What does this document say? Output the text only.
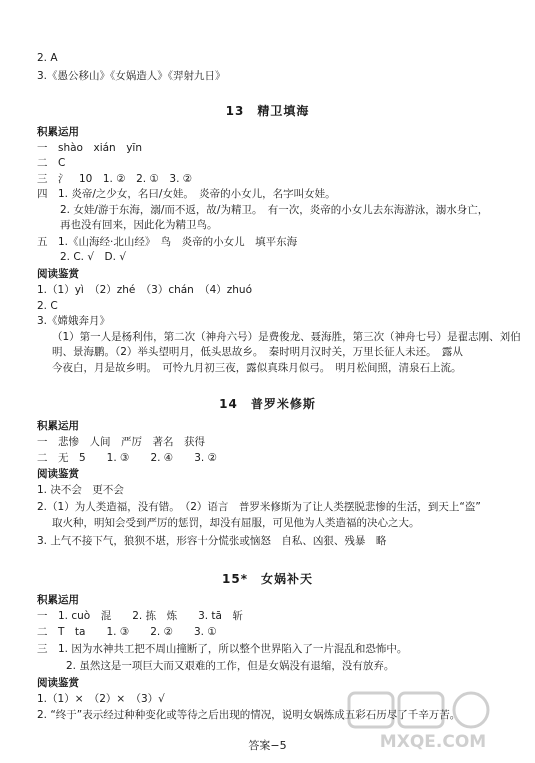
2. A
3.《愚公移山》《女娲造人》《羿射九日》
13　精卫填海
积累运用
一　shào　xián　yīn
二　C
三　氵　10　1. ②　2. ①　3. ②
四　1. 炎帝/之少女，名曰/女娃。　炎帝的小女儿，名字叫女娃。
2. 女娃/游于东海，溺/而不返，故/为精卫。　有一次，炎帝的小女儿去东海游泳，溺水身亡，
再也没有回来，因此化为精卫鸟。
五　1.《山海经·北山经》　鸟　炎帝的小女儿　填平东海
2. C. √　D. √
阅读鉴赏
1.（1）yì　（2）zhé　（3）chán　（4）zhuó
2. C
3.《嫦娥奔月》
（1）第一人是杨利伟，第二次（神舟六号）是费俊龙、聂海胜，第三次（神舟七号）是翟志刚、刘伯
明、景海鹏。（2）举头望明月，低头思故乡。　秦时明月汉时关，万里长征人未还。　露从
今夜白，月是故乡明。　可怜九月初三夜，露似真珠月似弓。　明月松间照，清泉石上流。
14　普罗米修斯
积累运用
一　悲惨　人间　严厉　著名　获得
二　无　5　　1. ③　　2. ④　　3. ②
阅读鉴赏
1. 决不会　更不会
2.（1）为人类造福，没有错。　（2）语言　普罗米修斯为了让人类摆脱悲惨的生活，到天上“盗”
取火种，明知会受到严厉的惩罚，却没有屈服，可见他为人类造福的决心之大。
3. 上气不接下气，狼狈不堪，形容十分慌张或恼怒　自私、凶狠、残暴　略
15*　女娲补天
积累运用
一　1. cuò　混　　2. 拣　炼　　3. tā　斩
二　T　ta　　1. ③　　2. ②　　3. ①
三　1. 因为水神共工把不周山撞断了，所以整个世界陷入了一片混乱和恐怖中。
2. 虽然这是一项巨大而又艰难的工作，但是女娲没有退缩，没有放弃。
阅读鉴赏
1.（1）×　（2）×　（3）√
2. “终于”表示经过种种变化或等待之后出现的情况，说明女娲炼成五彩石历尽了千辛万苦。
答案−5	MXQE.COM
